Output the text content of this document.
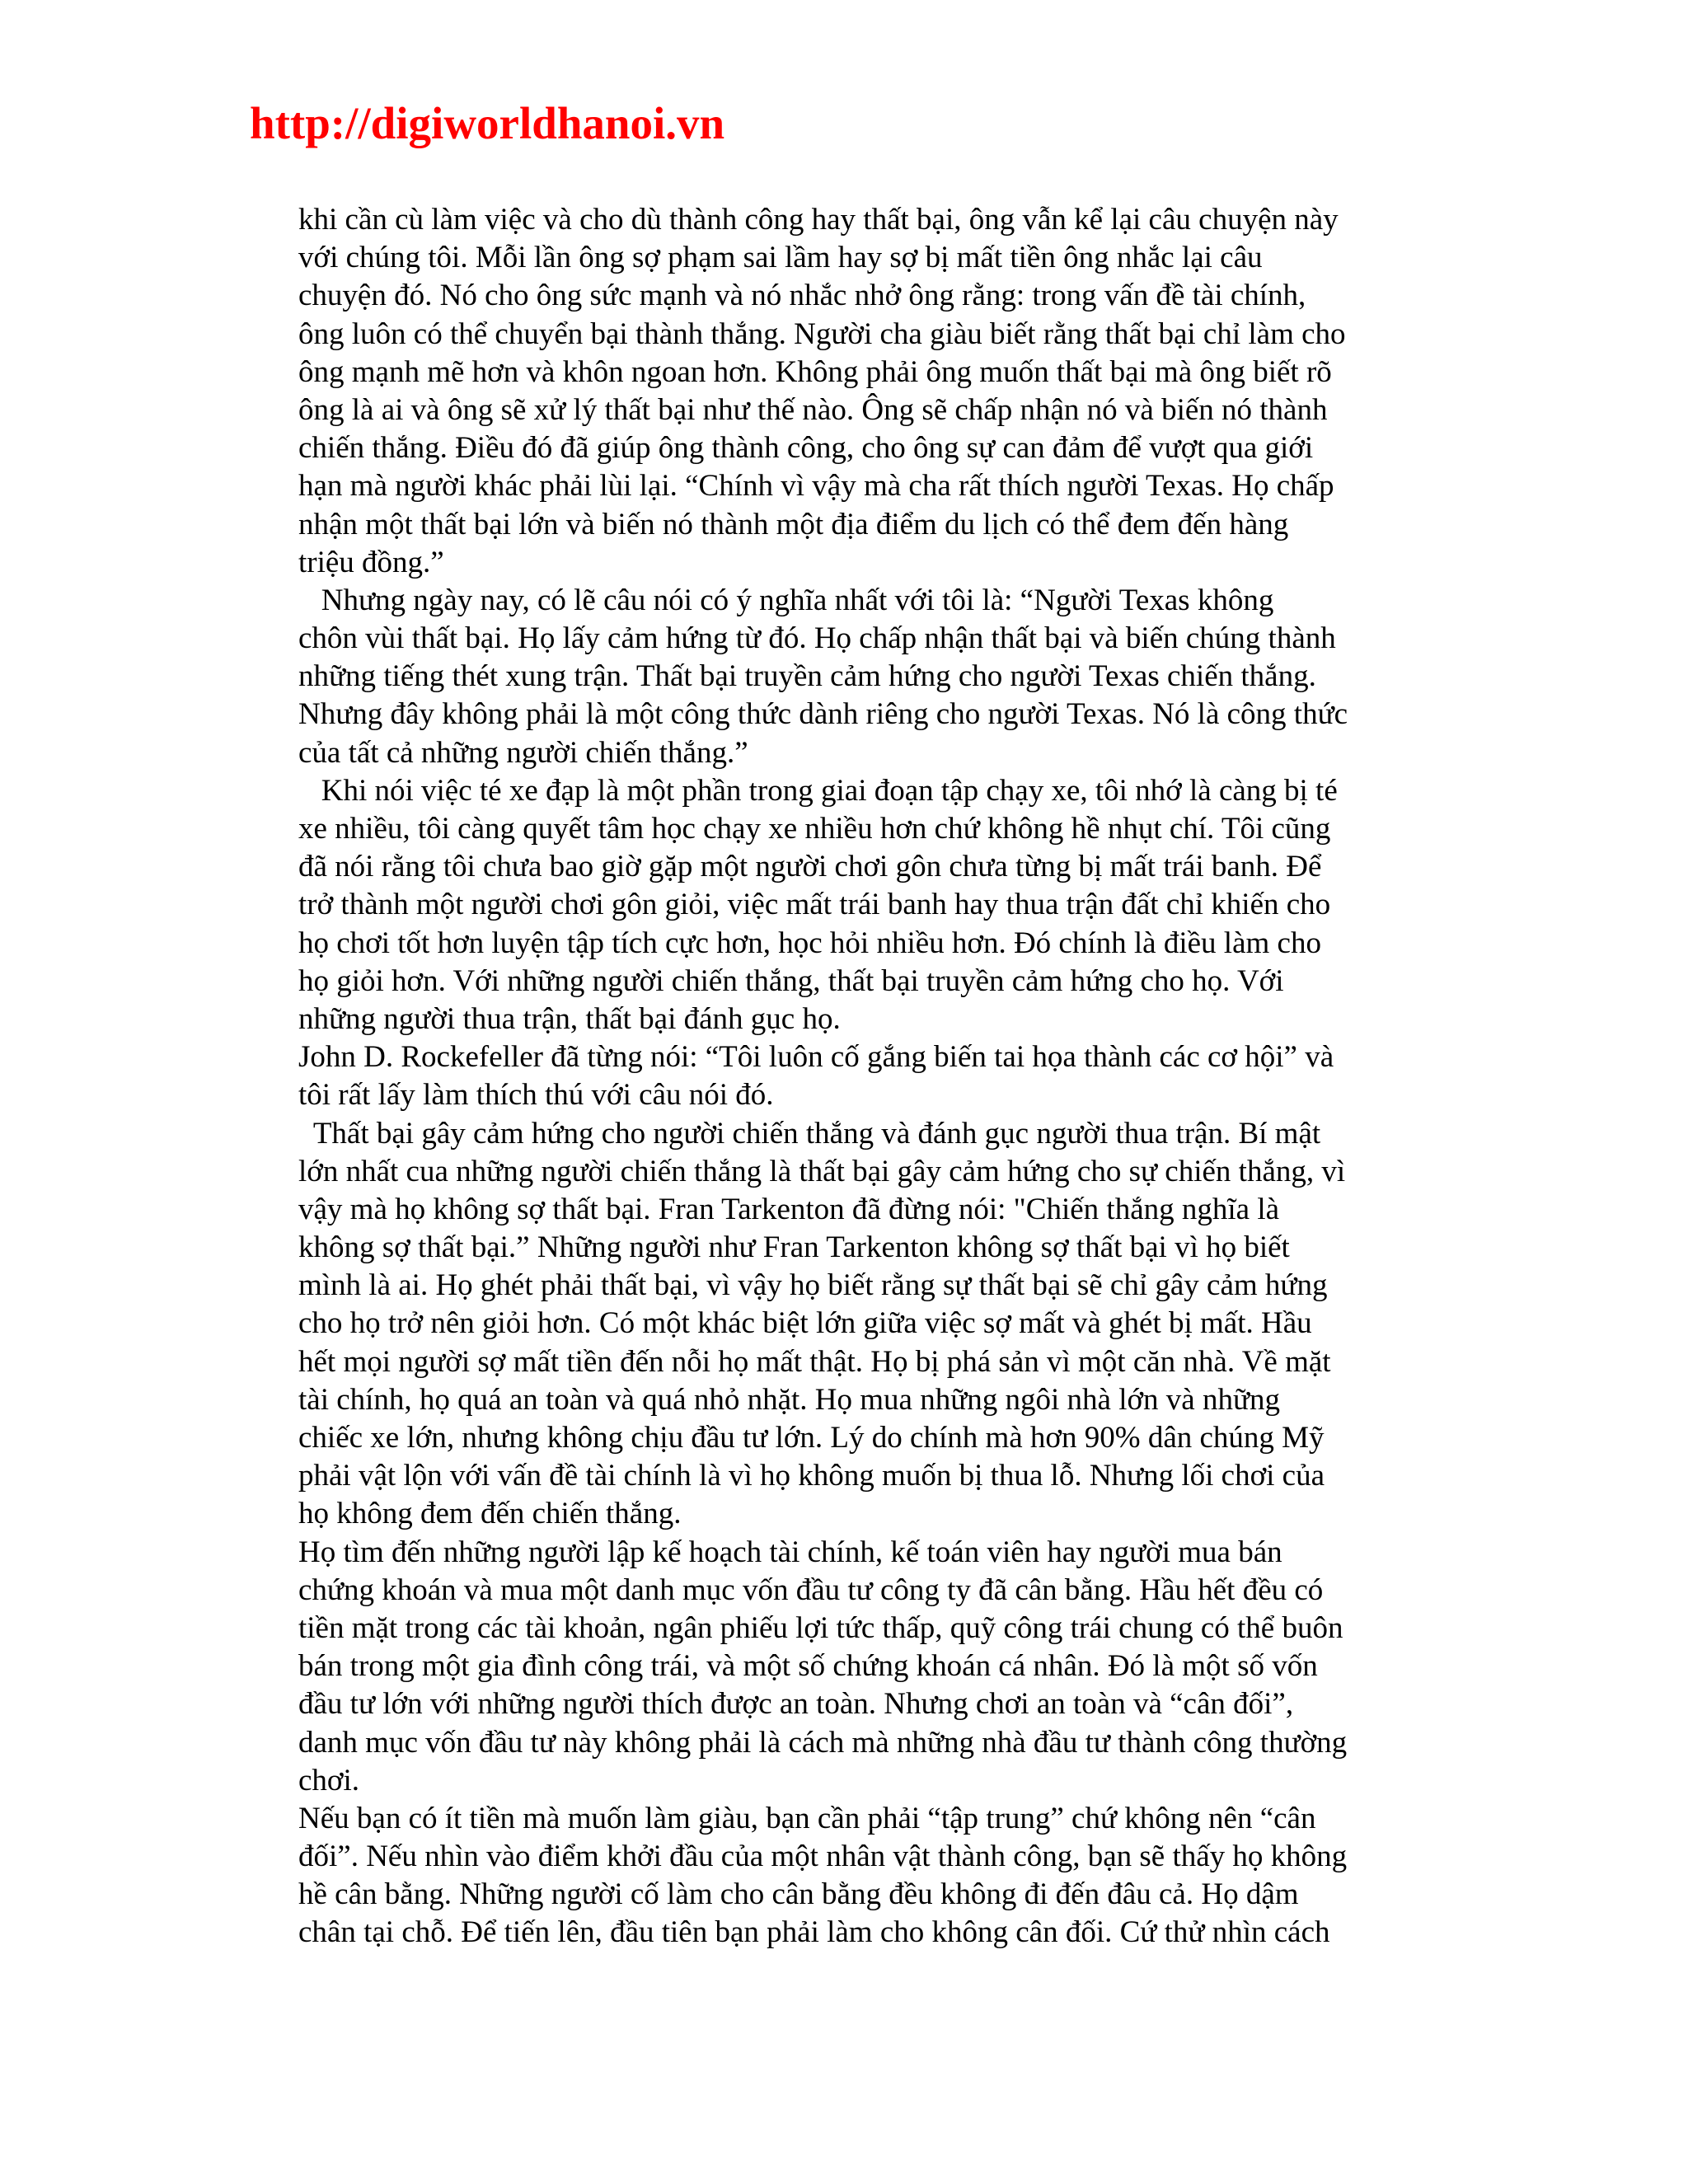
http://digiworldhanoi.vn
khi cần cù làm việc và cho dù thành công hay thất bại, ông vẫn kể lại câu chuyện này
với chúng tôi. Mỗi lần ông sợ phạm sai lầm hay sợ bị mất tiền ông nhắc lại câu
chuyện đó. Nó cho ông sức mạnh và nó nhắc nhở ông rằng: trong vấn đề tài chính,
ông luôn có thể chuyển bại thành thắng. Người cha giàu biết rằng thất bại chỉ làm cho
ông mạnh mẽ hơn và khôn ngoan hơn. Không phải ông muốn thất bại mà ông biết rõ
ông là ai và ông sẽ xử lý thất bại như thế nào. Ông sẽ chấp nhận nó và biến nó thành
chiến thắng. Điều đó đã giúp ông thành công, cho ông sự can đảm để vượt qua giới
hạn mà người khác phải lùi lại. “Chính vì vậy mà cha rất thích người Texas. Họ chấp
nhận một thất bại lớn và biến nó thành một địa điểm du lịch có thể đem đến hàng
triệu đồng.”
Nhưng ngày nay, có lẽ câu nói có ý nghĩa nhất với tôi là: “Người Texas không
chôn vùi thất bại. Họ lấy cảm hứng từ đó. Họ chấp nhận thất bại và biến chúng thành
những tiếng thét xung trận. Thất bại truyền cảm hứng cho người Texas chiến thắng.
Nhưng đây không phải là một công thức dành riêng cho người Texas. Nó là công thức
của tất cả những người chiến thắng.”
Khi nói việc té xe đạp là một phần trong giai đoạn tập chạy xe, tôi nhớ là càng bị té
xe nhiều, tôi càng quyết tâm học chạy xe nhiều hơn chứ không hề nhụt chí. Tôi cũng
đã nói rằng tôi chưa bao giờ gặp một người chơi gôn chưa từng bị mất trái banh. Để
trở thành một người chơi gôn giỏi, việc mất trái banh hay thua trận đất chỉ khiến cho
họ chơi tốt hơn luyện tập tích cực hơn, học hỏi nhiều hơn. Đó chính là điều làm cho
họ giỏi hơn. Với những người chiến thắng, thất bại truyền cảm hứng cho họ. Với
những người thua trận, thất bại đánh gục họ.
John D. Rockefeller đã từng nói: “Tôi luôn cố gắng biến tai họa thành các cơ hội” và
tôi rất lấy làm thích thú với câu nói đó.
Thất bại gây cảm hứng cho người chiến thắng và đánh gục người thua trận. Bí mật
lớn nhất cua những người chiến thắng là thất bại gây cảm hứng cho sự chiến thắng, vì
vậy mà họ không sợ thất bại. Fran Tarkenton đã đừng nói: "Chiến thắng nghĩa là
không sợ thất bại.” Những người như Fran Tarkenton không sợ thất bại vì họ biết
mình là ai. Họ ghét phải thất bại, vì vậy họ biết rằng sự thất bại sẽ chỉ gây cảm hứng
cho họ trở nên giỏi hơn. Có một khác biệt lớn giữa việc sợ mất và ghét bị mất. Hầu
hết mọi người sợ mất tiền đến nỗi họ mất thật. Họ bị phá sản vì một căn nhà. Về mặt
tài chính, họ quá an toàn và quá nhỏ nhặt. Họ mua những ngôi nhà lớn và những
chiếc xe lớn, nhưng không chịu đầu tư lớn. Lý do chính mà hơn 90% dân chúng Mỹ
phải vật lộn với vấn đề tài chính là vì họ không muốn bị thua lỗ. Nhưng lối chơi của
họ không đem đến chiến thắng.
Họ tìm đến những người lập kế hoạch tài chính, kế toán viên hay người mua bán
chứng khoán và mua một danh mục vốn đầu tư công ty đã cân bằng. Hầu hết đều có
tiền mặt trong các tài khoản, ngân phiếu lợi tức thấp, quỹ công trái chung có thể buôn
bán trong một gia đình công trái, và một số chứng khoán cá nhân. Đó là một số vốn
đầu tư lớn với những người thích được an toàn. Nhưng chơi an toàn và “cân đối”,
danh mục vốn đầu tư này không phải là cách mà những nhà đầu tư thành công thường
chơi.
Nếu bạn có ít tiền mà muốn làm giàu, bạn cần phải “tập trung” chứ không nên “cân
đối”. Nếu nhìn vào điểm khởi đầu của một nhân vật thành công, bạn sẽ thấy họ không
hề cân bằng. Những người cố làm cho cân bằng đều không đi đến đâu cả. Họ dậm
chân tại chỗ. Để tiến lên, đầu tiên bạn phải làm cho không cân đối. Cứ thử nhìn cách
